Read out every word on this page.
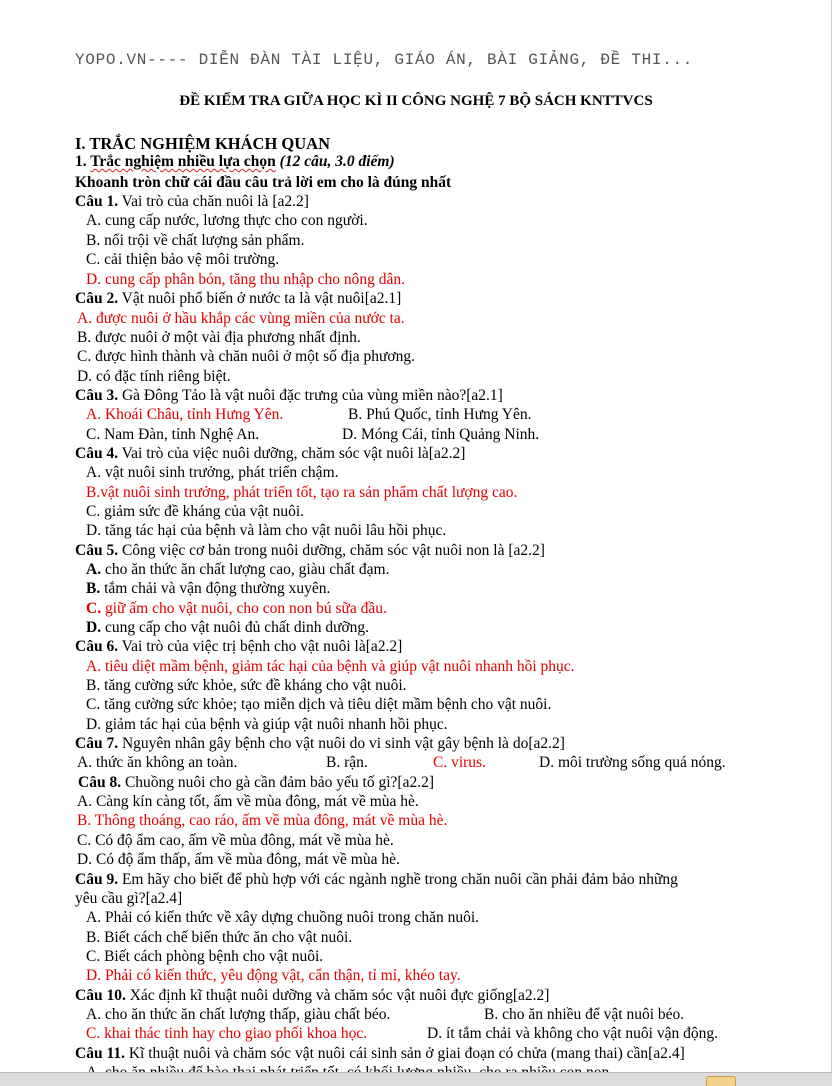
YOPO.VN---- DIỄN ĐÀN TÀI LIỆU, GIÁO ÁN, BÀI GIẢNG, ĐỀ THI...
ĐỀ KIỂM TRA GIỮA HỌC KÌ II CÔNG NGHỆ 7 BỘ SÁCH KNTTVCS
I. TRẮC NGHIỆM KHÁCH QUAN
1. Trắc nghiệm nhiều lựa chọn (12 câu, 3.0 điểm)
Khoanh tròn chữ cái đầu câu trả lời em cho là đúng nhất
Câu 1. Vai trò của chăn nuôi là [a2.2]
A. cung cấp nước, lương thực cho con người.
B. nổi trội về chất lượng sản phẩm.
C. cải thiện bảo vệ môi trường.
D. cung cấp phân bón, tăng thu nhập cho nông dân.
Câu 2. Vật nuôi phổ biến ở nước ta là vật nuôi[a2.1]
A. được nuôi ở hầu khắp các vùng miền của nước ta.
B. được nuôi ở một vài địa phương nhất định.
C. được hình thành và chăn nuôi ở một số địa phương.
D. có đặc tính riêng biệt.
Câu 3. Gà Đông Tảo là vật nuôi đặc trưng của vùng miền nào?[a2.1]
A. Khoái Châu, tỉnh Hưng Yên.	B. Phú Quốc, tỉnh Hưng Yên.
C. Nam Đàn, tỉnh Nghệ An.	D. Móng Cái, tỉnh Quảng Ninh.
Câu 4. Vai trò của việc nuôi dưỡng, chăm sóc vật nuôi là[a2.2]
A. vật nuôi sinh trưởng, phát triển chậm.
B.vật nuôi sinh trưởng, phát triển tốt, tạo ra sản phẩm chất lượng cao.
C. giảm sức đề kháng của vật nuôi.
D. tăng tác hại của bệnh và làm cho vật nuôi lâu hồi phục.
Câu 5. Công việc cơ bản trong nuôi dưỡng, chăm sóc vật nuôi non là [a2.2]
A. cho ăn thức ăn chất lượng cao, giàu chất đạm.
B. tắm chải và vận động thường xuyên.
C. giữ ấm cho vật nuôi, cho con non bú sữa đầu.
D. cung cấp cho vật nuôi đủ chất dinh dưỡng.
Câu 6. Vai trò của việc trị bệnh cho vật nuôi là[a2.2]
A. tiêu diệt mầm bệnh, giảm tác hại của bệnh và giúp vật nuôi nhanh hồi phục.
B. tăng cường sức khỏe, sức đề kháng cho vật nuôi.
C. tăng cường sức khỏe; tạo miễn dịch và tiêu diệt mầm bệnh cho vật nuôi.
D. giảm tác hại của bệnh và giúp vật nuôi nhanh hồi phục.
Câu 7. Nguyên nhân gây bệnh cho vật nuôi do vi sinh vật gây bệnh là do[a2.2]
A. thức ăn không an toàn.	B. rận.	C. virus.	D. môi trường sống quá nóng.
Câu 8. Chuồng nuôi cho gà cần đảm bảo yếu tố gì?[a2.2]
A. Càng kín càng tốt, ấm về mùa đông, mát về mùa hè.
B. Thông thoáng, cao ráo, ấm về mùa đông, mát về mùa hè.
C. Có độ ẩm cao, ấm về mùa đông, mát về mùa hè.
D. Có độ ẩm thấp, ấm về mùa đông, mát về mùa hè.
Câu 9. Em hãy cho biết để phù hợp với các ngành nghề trong chăn nuôi cần phải đảm bảo những
yêu cầu gì?[a2.4]
A. Phải có kiến thức về xây dựng chuồng nuôi trong chăn nuôi.
B. Biết cách chế biến thức ăn cho vật nuôi.
C. Biết cách phòng bệnh cho vật nuôi.
D. Phải có kiến thức, yêu động vật, cẩn thận, tỉ mỉ, khéo tay.
Câu 10. Xác định kĩ thuật nuôi dưỡng và chăm sóc vật nuôi đực giống[a2.2]
A. cho ăn thức ăn chất lượng thấp, giàu chất béo.	B. cho ăn nhiều để vật nuôi béo.
C. khai thác tinh hay cho giao phối khoa học.	D. ít tắm chải và không cho vật nuôi vận động.
Câu 11. Kĩ thuật nuôi và chăm sóc vật nuôi cái sinh sản ở giai đoạn có chửa (mang thai) cần[a2.4]
